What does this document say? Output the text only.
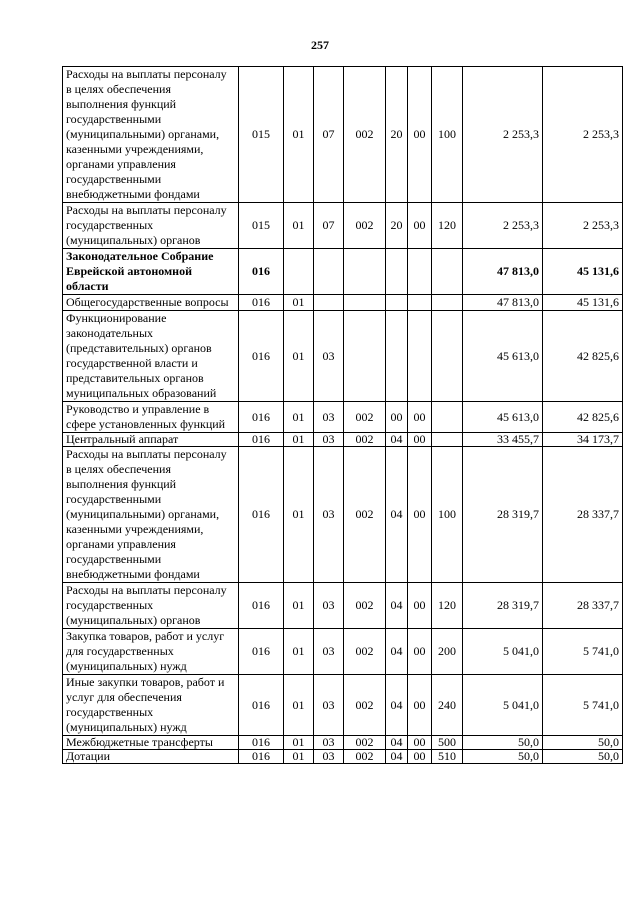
257
Расходы на выплаты персоналу в целях обеспечения выполнения функций государственными (муниципальными) органами, казенными учреждениями, органами управления государственными внебюджетными фондами	015	01	07	002	20	00	100	2 253,3	2 253,3
Расходы на выплаты персоналу государственных (муниципальных) органов	015	01	07	002	20	00	120	2 253,3	2 253,3
Законодательное Собрание Еврейской автономной области	016							47 813,0	45 131,6
Общегосударственные вопросы	016	01						47 813,0	45 131,6
Функционирование законодательных (представительных) органов государственной власти и представительных органов муниципальных образований	016	01	03					45 613,0	42 825,6
Руководство и управление в сфере установленных функций	016	01	03	002	00	00		45 613,0	42 825,6
Центральный аппарат	016	01	03	002	04	00		33 455,7	34 173,7
Расходы на выплаты персоналу в целях обеспечения выполнения функций государственными (муниципальными) органами, казенными учреждениями, органами управления государственными внебюджетными фондами	016	01	03	002	04	00	100	28 319,7	28 337,7
Расходы на выплаты персоналу государственных (муниципальных) органов	016	01	03	002	04	00	120	28 319,7	28 337,7
Закупка товаров, работ и услуг для государственных (муниципальных) нужд	016	01	03	002	04	00	200	5 041,0	5 741,0
Иные закупки товаров, работ и услуг для обеспечения государственных (муниципальных) нужд	016	01	03	002	04	00	240	5 041,0	5 741,0
Межбюджетные трансферты	016	01	03	002	04	00	500	50,0	50,0
Дотации	016	01	03	002	04	00	510	50,0	50,0
